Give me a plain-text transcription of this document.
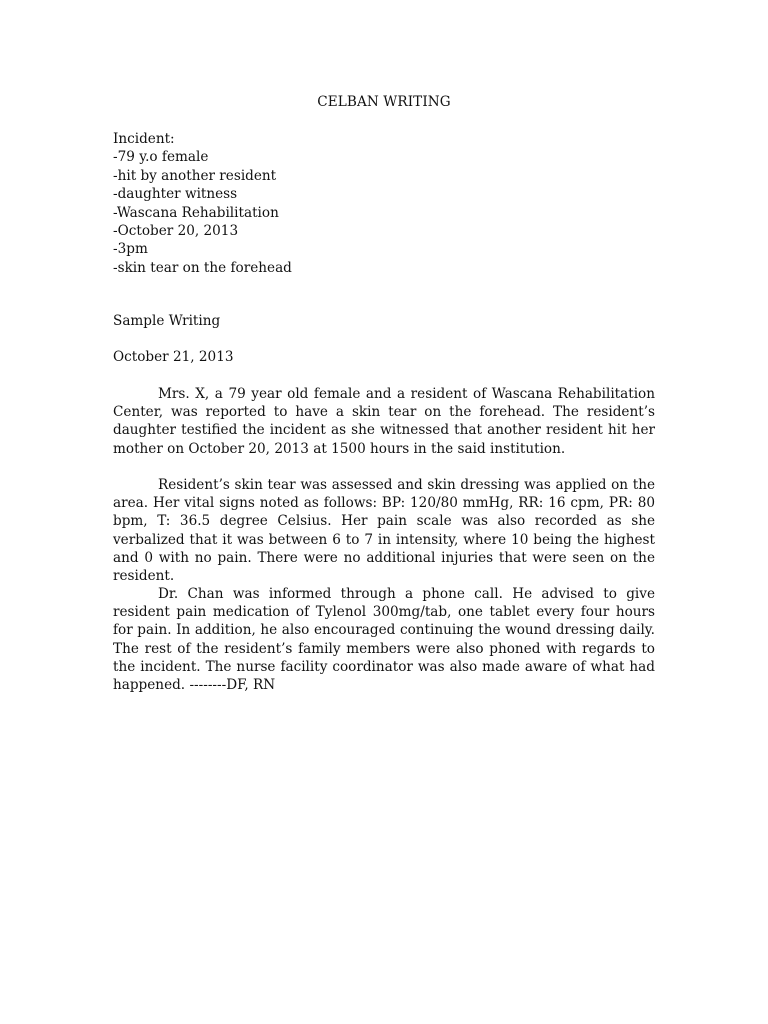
CELBAN WRITING
Incident:
-79 y.o female
-hit by another resident
-daughter witness
-Wascana Rehabilitation
-October 20, 2013
-3pm
-skin tear on the forehead
Sample Writing
October 21, 2013

Mrs. X, a 79 year old female and a resident of Wascana Rehabilitation Center, was reported to have a skin tear on the forehead. The resident’s daughter testified the incident as she witnessed that another resident hit her mother on October 20, 2013 at 1500 hours in the said institution.

Resident’s skin tear was assessed and skin dressing was applied on the area. Her vital signs noted as follows: BP: 120/80 mmHg, RR: 16 cpm, PR: 80 bpm, T: 36.5 degree Celsius. Her pain scale was also recorded as she verbalized that it was between 6 to 7 in intensity, where 10 being the highest and 0 with no pain. There were no additional injuries that were seen on the resident.

Dr. Chan was informed through a phone call. He advised to give resident pain medication of Tylenol 300mg/tab, one tablet every four hours for pain. In addition, he also encouraged continuing the wound dressing daily. The rest of the resident’s family members were also phoned with regards to the incident. The nurse facility coordinator was also made aware of what had happened. --------DF, RN
